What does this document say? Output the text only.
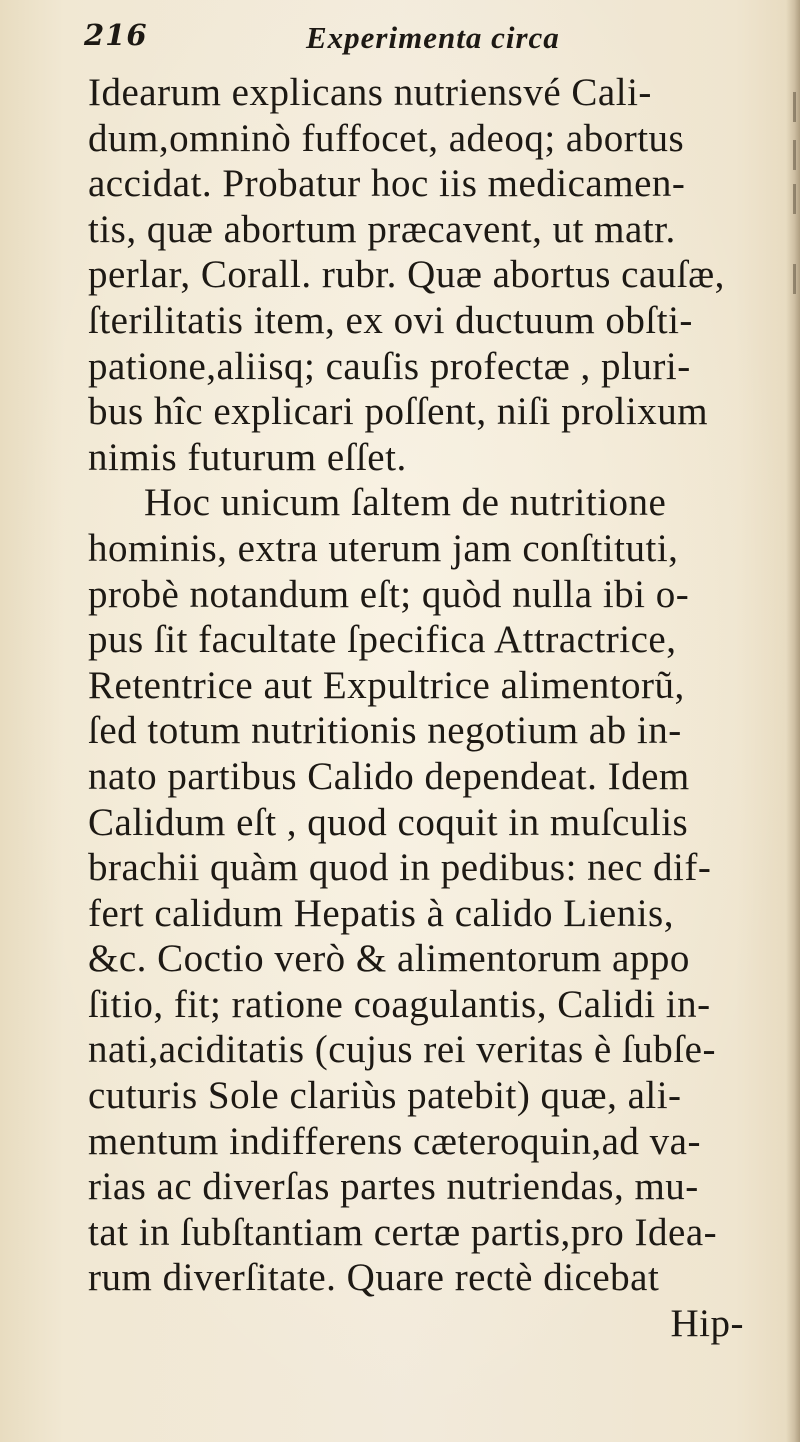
216	Experimenta circa
Idearum explicans nutriensvé Cali-
dum,omninò fuffocet, adeoq; abortus
accidat. Probatur hoc iis medicamen-
tis, quæ abortum præcavent, ut matr.
perlar, Corall. rubr. Quæ abortus cauſæ,
ſterilitatis item, ex ovi ductuum obſti-
patione,aliisq; cauſis profectæ , pluri-
bus hîc explicari poſſent, niſi prolixum
nimis futurum eſſet.
Hoc unicum ſaltem de nutritione
hominis, extra uterum jam conſtituti,
probè notandum eſt; quòd nulla ibi o-
pus ſit facultate ſpecifica Attractrice,
Retentrice aut Expultrice alimentorũ,
ſed totum nutritionis negotium ab in-
nato partibus Calido dependeat. Idem
Calidum eſt , quod coquit in muſculis
brachii quàm quod in pedibus: nec dif-
fert calidum Hepatis à calido Lienis,
&c. Coctio verò & alimentorum appo
ſitio, fit; ratione coagulantis, Calidi in-
nati,aciditatis (cujus rei veritas è ſubſe-
cuturis Sole clariùs patebit) quæ, ali-
mentum indifferens cæteroquin,ad va-
rias ac diverſas partes nutriendas, mu-
tat in ſubſtantiam certæ partis,pro Idea-
rum diverſitate. Quare rectè dicebat
Hip-
